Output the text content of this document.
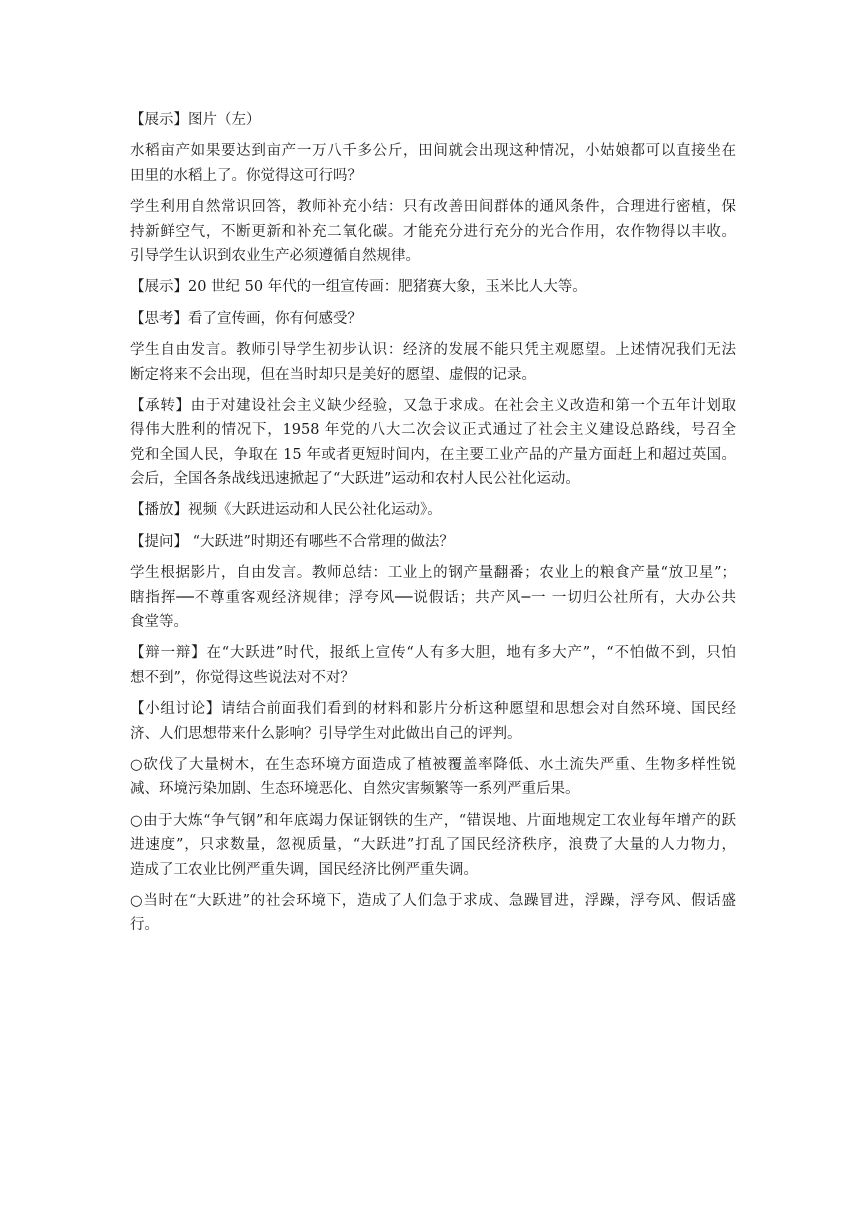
【展示】图片（左）
水稻亩产如果要达到亩产一万八千多公斤，田间就会出现这种情况，小姑娘都可以直接坐在
田里的水稻上了。你觉得这可行吗？
学生利用自然常识回答，教师补充小结：只有改善田间群体的通风条件，合理进行密植，保
持新鲜空气，不断更新和补充二氧化碳。才能充分进行充分的光合作用，农作物得以丰收。
引导学生认识到农业生产必须遵循自然规律。
【展示】20 世纪 50 年代的一组宣传画：肥猪赛大象，玉米比人大等。
【思考】看了宣传画，你有何感受？
学生自由发言。教师引导学生初步认识：经济的发展不能只凭主观愿望。上述情况我们无法
断定将来不会出现，但在当时却只是美好的愿望、虚假的记录。
【承转】由于对建设社会主义缺少经验，又急于求成。在社会主义改造和第一个五年计划取
得伟大胜利的情况下，1958 年党的八大二次会议正式通过了社会主义建设总路线，号召全
党和全国人民，争取在 15 年或者更短时间内，在主要工业产品的产量方面赶上和超过英国。
会后，全国各条战线迅速掀起了“大跃进”运动和农村人民公社化运动。
【播放】视频《大跃进运动和人民公社化运动》。
【提问】 “大跃进”时期还有哪些不合常理的做法？
学生根据影片，自由发言。教师总结：工业上的钢产量翻番；农业上的粮食产量“放卫星”；
瞎指挥──不尊重客观经济规律；浮夸风──说假话；共产风─一 一切归公社所有，大办公共
食堂等。
【辩一辩】在“大跃进”时代，报纸上宣传“人有多大胆，地有多大产”，“不怕做不到，只怕
想不到”，你觉得这些说法对不对？
【小组讨论】请结合前面我们看到的材料和影片分析这种愿望和思想会对自然环境、国民经
济、人们思想带来什么影响？引导学生对此做出自己的评判。
○砍伐了大量树木，在生态环境方面造成了植被覆盖率降低、水土流失严重、生物多样性锐
减、环境污染加剧、生态环境恶化、自然灾害频繁等一系列严重后果。
○由于大炼“争气钢”和年底竭力保证钢铁的生产，“错误地、片面地规定工农业每年增产的跃
进速度”，只求数量，忽视质量，“大跃进”打乱了国民经济秩序，浪费了大量的人力物力，
造成了工农业比例严重失调，国民经济比例严重失调。
○当时在“大跃进”的社会环境下，造成了人们急于求成、急躁冒进，浮躁，浮夸风、假话盛
行。
